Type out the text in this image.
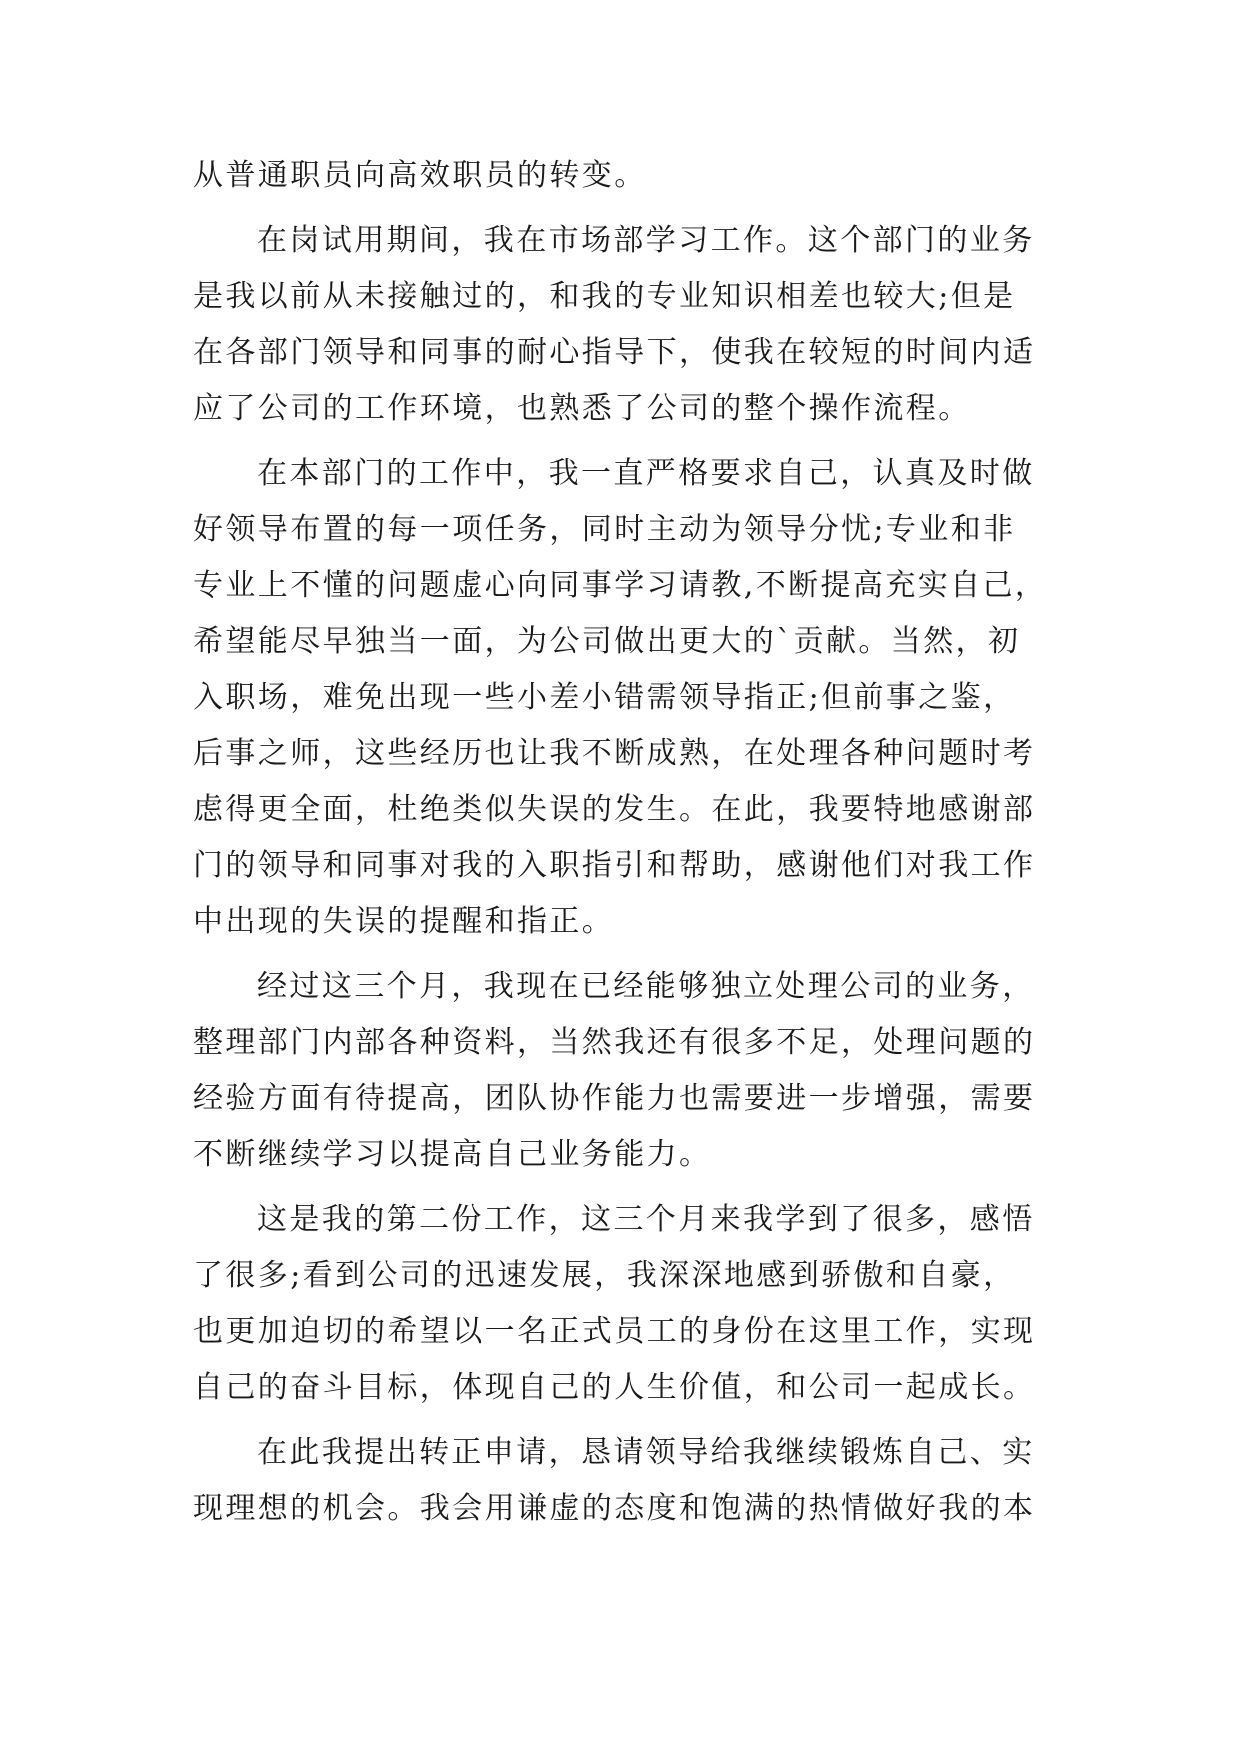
从普通职员向高效职员的转变。
在岗试用期间，我在市场部学习工作。这个部门的业务
是我以前从未接触过的，和我的专业知识相差也较大;但是
在各部门领导和同事的耐心指导下，使我在较短的时间内适
应了公司的工作环境，也熟悉了公司的整个操作流程。
在本部门的工作中，我一直严格要求自己，认真及时做
好领导布置的每一项任务，同时主动为领导分忧;专业和非
专业上不懂的问题虚心向同事学习请教,不断提高充实自己，
希望能尽早独当一面，为公司做出更大的`贡献。当然，初
入职场，难免出现一些小差小错需领导指正;但前事之鉴，
后事之师，这些经历也让我不断成熟，在处理各种问题时考
虑得更全面，杜绝类似失误的发生。在此，我要特地感谢部
门的领导和同事对我的入职指引和帮助，感谢他们对我工作
中出现的失误的提醒和指正。
经过这三个月，我现在已经能够独立处理公司的业务，
整理部门内部各种资料，当然我还有很多不足，处理问题的
经验方面有待提高，团队协作能力也需要进一步增强，需要
不断继续学习以提高自己业务能力。
这是我的第二份工作，这三个月来我学到了很多，感悟
了很多;看到公司的迅速发展，我深深地感到骄傲和自豪，
也更加迫切的希望以一名正式员工的身份在这里工作，实现
自己的奋斗目标，体现自己的人生价值，和公司一起成长。
在此我提出转正申请，恳请领导给我继续锻炼自己、实
现理想的机会。我会用谦虚的态度和饱满的热情做好我的本
